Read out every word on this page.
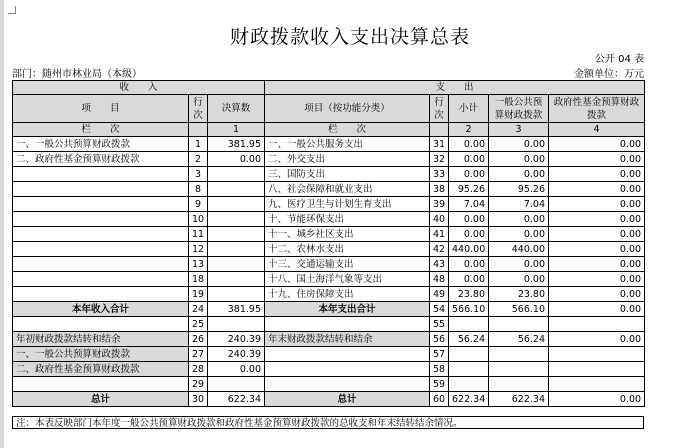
财政拨款收入支出决算总表
公开 04 表
部门：随州市林业局（本级）	金额单位：万元
收　　入			支　　出				
项　　目	行次	决算数	项目（按功能分类）	行次	小计	一般公共预算财政拨款	政府性基金预算财政拨款
栏　　次		1	栏　　次		2	3	4
一、一般公共预算财政拨款	1	381.95	一、一般公共服务支出	31	0.00	0.00	0.00
二、政府性基金预算财政拨款	2	0.00	二、外交支出	32	0.00	0.00	0.00
	3		三、国防支出	33	0.00	0.00	0.00
	8		八、社会保障和就业支出	38	95.26	95.26	0.00
	9		九、医疗卫生与计划生育支出	39	7.04	7.04	0.00
	10		十、节能环保支出	40	0.00	0.00	0.00
	11		十一、城乡社区支出	41	0.00	0.00	0.00
	12		十二、农林水支出	42	440.00	440.00	0.00
	13		十三、交通运输支出	43	0.00	0.00	0.00
	18		十八、国土海洋气象等支出	48	0.00	0.00	0.00
	19		十九、住房保障支出	49	23.80	23.80	0.00
本年收入合计	24	381.95	本年支出合计	54	566.10	566.10	0.00
	25			55			
年初财政拨款结转和结余	26	240.39	年末财政拨款结转和结余	56	56.24	56.24	0.00
一、一般公共预算财政拨款	27	240.39		57			
二、政府性基金预算财政拨款	28	0.00		58			
	29			59			
总计	30	622.34	总计	60	622.34	622.34	0.00
注：本表反映部门本年度一般公共预算财政拨款和政府性基金预算财政拨款的总收支和年末结转结余情况。
